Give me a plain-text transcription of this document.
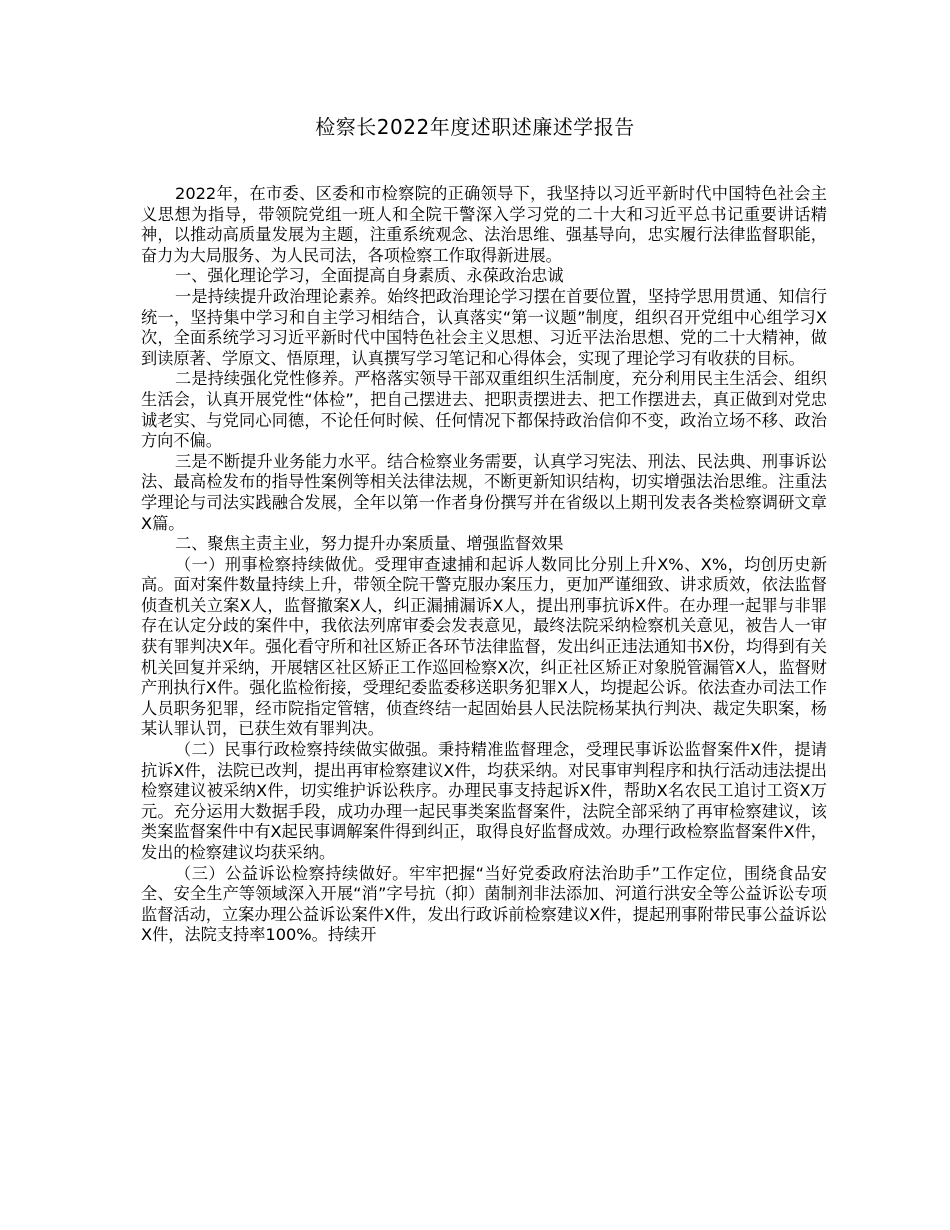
检察长2022年度述职述廉述学报告

2022年，在市委、区委和市检察院的正确领导下，我坚持以习近平新时代中国特色社会主义思想为指导，带领院党组一班人和全院干警深入学习党的二十大和习近平总书记重要讲话精神，以推动高质量发展为主题，注重系统观念、法治思维、强基导向，忠实履行法律监督职能，奋力为大局服务、为人民司法，各项检察工作取得新进展。

一、强化理论学习，全面提高自身素质、永葆政治忠诚

一是持续提升政治理论素养。始终把政治理论学习摆在首要位置，坚持学思用贯通、知信行统一，坚持集中学习和自主学习相结合，认真落实“第一议题”制度，组织召开党组中心组学习X次，全面系统学习习近平新时代中国特色社会主义思想、习近平法治思想、党的二十大精神，做到读原著、学原文、悟原理，认真撰写学习笔记和心得体会，实现了理论学习有收获的目标。

二是持续强化党性修养。严格落实领导干部双重组织生活制度，充分利用民主生活会、组织生活会，认真开展党性“体检”，把自己摆进去、把职责摆进去、把工作摆进去，真正做到对党忠诚老实、与党同心同德，不论任何时候、任何情况下都保持政治信仰不变，政治立场不移、政治方向不偏。

三是不断提升业务能力水平。结合检察业务需要，认真学习宪法、刑法、民法典、刑事诉讼法、最高检发布的指导性案例等相关法律法规，不断更新知识结构，切实增强法治思维。注重法学理论与司法实践融合发展，全年以第一作者身份撰写并在省级以上期刊发表各类检察调研文章X篇。

二、聚焦主责主业，努力提升办案质量、增强监督效果

（一）刑事检察持续做优。受理审查逮捕和起诉人数同比分别上升X%、X%，均创历史新高。面对案件数量持续上升，带领全院干警克服办案压力，更加严谨细致、讲求质效，依法监督侦查机关立案X人，监督撤案X人，纠正漏捕漏诉X人，提出刑事抗诉X件。在办理一起罪与非罪存在认定分歧的案件中，我依法列席审委会发表意见，最终法院采纳检察机关意见，被告人一审获有罪判决X年。强化看守所和社区矫正各环节法律监督，发出纠正违法通知书X份，均得到有关机关回复并采纳，开展辖区社区矫正工作巡回检察X次，纠正社区矫正对象脱管漏管X人，监督财产刑执行X件。强化监检衔接，受理纪委监委移送职务犯罪X人，均提起公诉。依法查办司法工作人员职务犯罪，经市院指定管辖，侦查终结一起固始县人民法院杨某执行判决、裁定失职案，杨某认罪认罚，已获生效有罪判决。

（二）民事行政检察持续做实做强。秉持精准监督理念，受理民事诉讼监督案件X件，提请抗诉X件，法院已改判，提出再审检察建议X件，均获采纳。对民事审判程序和执行活动违法提出检察建议被采纳X件，切实维护诉讼秩序。办理民事支持起诉X件，帮助X名农民工追讨工资X万元。充分运用大数据手段，成功办理一起民事类案监督案件，法院全部采纳了再审检察建议，该类案监督案件中有X起民事调解案件得到纠正，取得良好监督成效。办理行政检察监督案件X件，发出的检察建议均获采纳。

（三）公益诉讼检察持续做好。牢牢把握“当好党委政府法治助手”工作定位，围绕食品安全、安全生产等领域深入开展“消”字号抗（抑）菌制剂非法添加、河道行洪安全等公益诉讼专项监督活动，立案办理公益诉讼案件X件，发出行政诉前检察建议X件，提起刑事附带民事公益诉讼X件，法院支持率100%。持续开
